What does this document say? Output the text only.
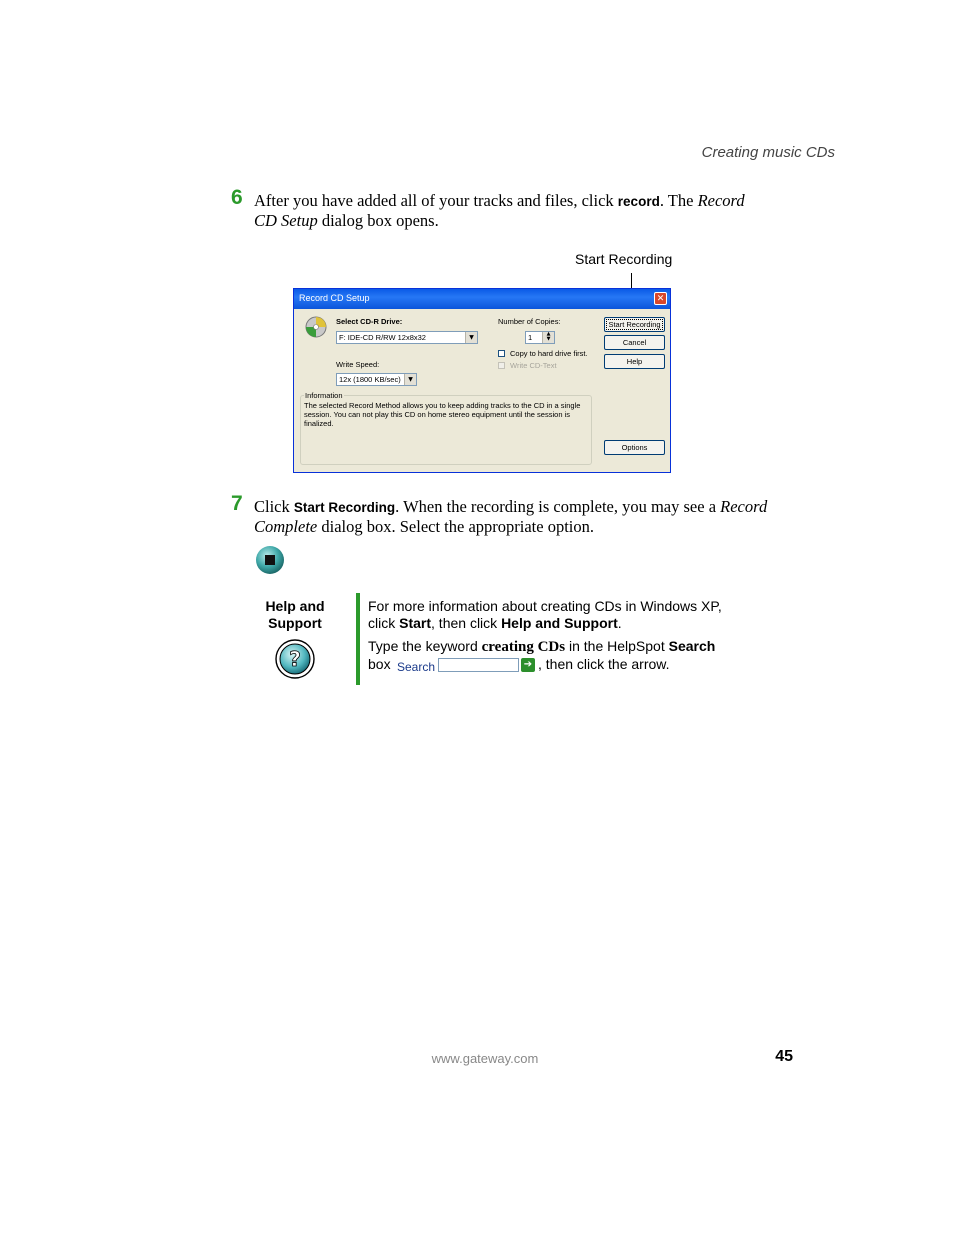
Creating music CDs
6 After you have added all of your tracks and files, click record. The Record
CD Setup dialog box opens.
Start Recording
Record CD Setup	✕
Select CD-R Drive:
F: IDE-CD R/RW 12x8x32	▼
Number of Copies:
1	▲
▼
Copy to hard drive first.
Write CD-Text
Write Speed:
12x (1800 KB/sec)	▼
Start Recording
Cancel
Help
Options
Information
The selected Record Method allows you to keep adding tracks to the CD in a single session. You can not play this CD on home stereo equipment until the session is finalized.
7 Click Start Recording. When the recording is complete, you may see a Record
Complete dialog box. Select the appropriate option.
Help and
Support
?
For more information about creating CDs in Windows XP,
click Start, then click Help and Support.
Type the keyword creating CDs in the HelpSpot Search
box Search	➔ , then click the arrow.
www.gateway.com	45
